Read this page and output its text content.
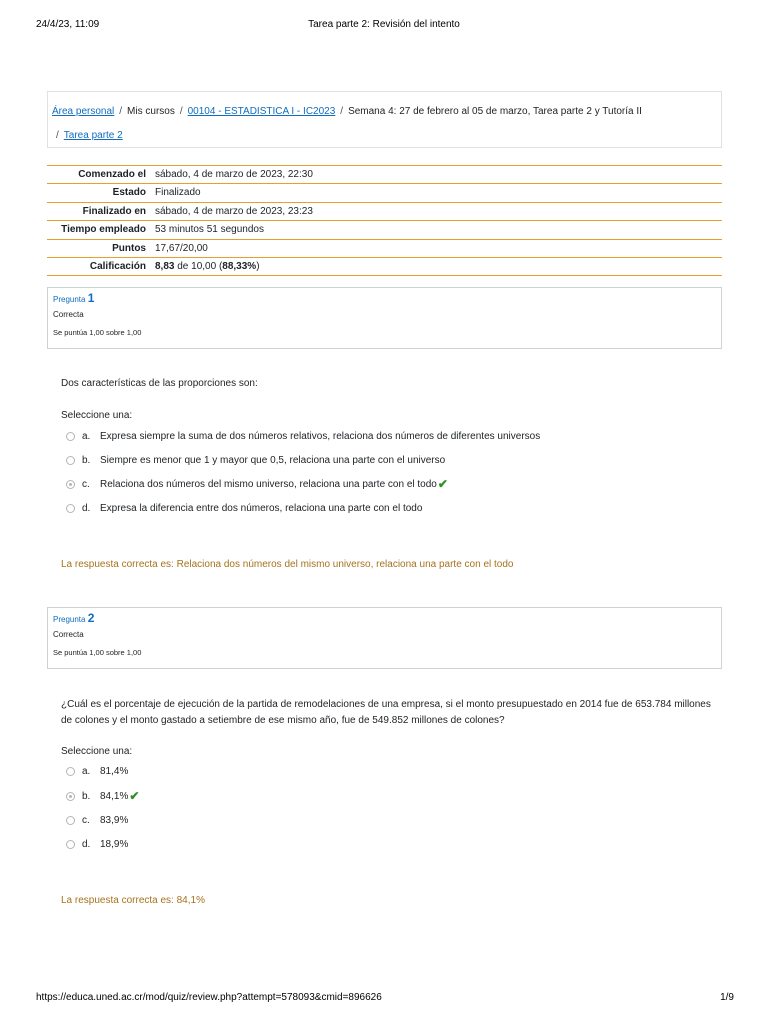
24/4/23, 11:09	Tarea parte 2: Revisión del intento
Área personal / Mis cursos / 00104 - ESTADISTICA I - IC2023 / Semana 4: 27 de febrero al 05 de marzo, Tarea parte 2 y Tutoría II
/ Tarea parte 2
Comenzado el sábado, 4 de marzo de 2023, 22:30
Estado Finalizado
Finalizado en sábado, 4 de marzo de 2023, 23:23
Tiempo empleado 53 minutos 51 segundos
Puntos 17,67/20,00
Calificación 8,83 de 10,00 (88,33%)
Pregunta 1
Correcta
Se puntúa 1,00 sobre 1,00
Dos características de las proporciones son:
Seleccione una:
a. Expresa siempre la suma de dos números relativos, relaciona dos números de diferentes universos
b. Siempre es menor que 1 y mayor que 0,5, relaciona una parte con el universo
c.	Relaciona dos números del mismo universo, relaciona una parte con el todo ✔
d. Expresa la diferencia entre dos números, relaciona una parte con el todo
La respuesta correcta es: Relaciona dos números del mismo universo, relaciona una parte con el todo
Pregunta 2
Correcta
Se puntúa 1,00 sobre 1,00
¿Cuál es el porcentaje de ejecución de la partida de remodelaciones de una empresa, si el monto presupuestado en 2014 fue de 653.784 millones de colones y el monto gastado a setiembre de ese mismo año, fue de 549.852 millones de colones?
Seleccione una:
a. 81,4%
b. 84,1% ✔
c.	83,9%
d. 18,9%
La respuesta correcta es: 84,1%
https://educa.uned.ac.cr/mod/quiz/review.php?attempt=578093&cmid=896626	1/9
